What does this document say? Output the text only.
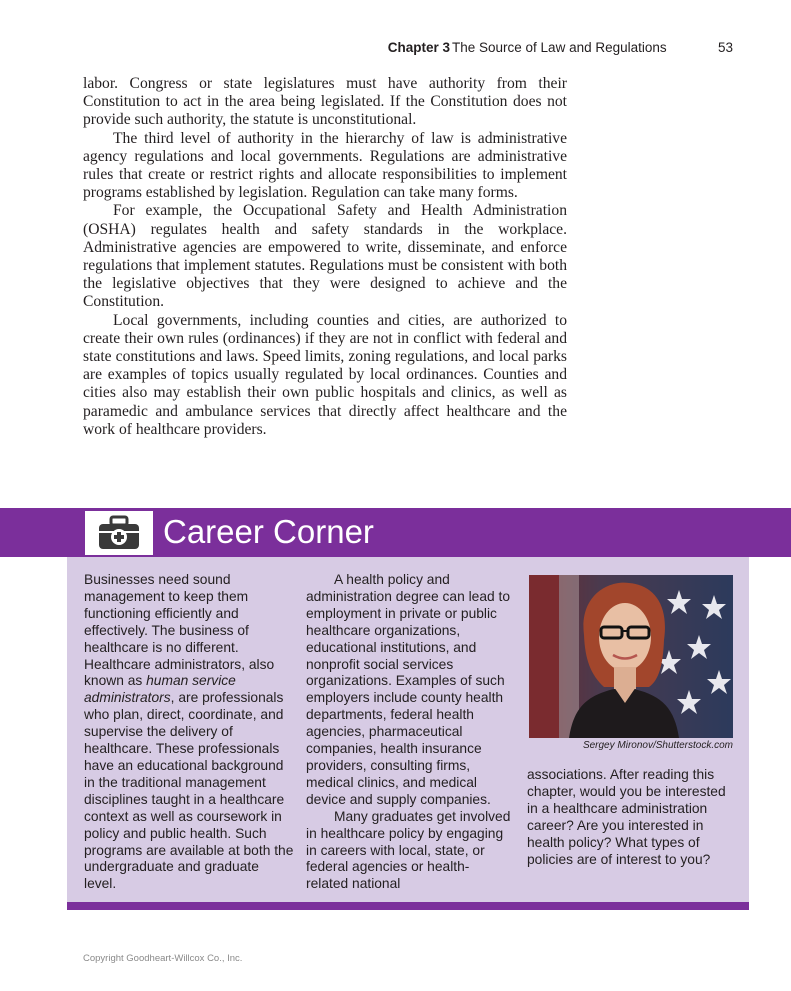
Chapter 3 The Source of Law and Regulations	53

labor. Congress or state legislatures must have authority from their Constitution to act in the area being legislated. If the Constitution does not provide such authority, the statute is unconstitutional.

The third level of authority in the hierarchy of law is administrative agency regulations and local governments. Regulations are administrative rules that create or restrict rights and allocate responsibilities to implement programs established by legislation. Regulation can take many forms.

For example, the Occupational Safety and Health Administration (OSHA) regulates health and safety standards in the workplace. Administrative agencies are empowered to write, disseminate, and enforce regulations that implement statutes. Regulations must be consistent with both the legislative objectives that they were designed to achieve and the Constitution.

Local governments, including counties and cities, are authorized to create their own rules (ordinances) if they are not in conflict with federal and state constitutions and laws. Speed limits, zoning regulations, and local parks are examples of topics usually regulated by local ordinances. Counties and cities also may establish their own public hospitals and clinics, as well as paramedic and ambulance services that directly affect healthcare and the work of healthcare providers.

Career Corner

Businesses need sound management to keep them functioning efficiently and effectively. The business of healthcare is no different. Healthcare administrators, also known as human service administrators, are professionals who plan, direct, coordinate, and supervise the delivery of healthcare. These professionals have an educational background in the traditional management disciplines taught in a healthcare context as well as coursework in policy and public health. Such programs are available at both the undergraduate and graduate level.

A health policy and administration degree can lead to employment in private or public healthcare organizations, educational institutions, and nonprofit social services organizations. Examples of such employers include county health departments, federal health agencies, pharmaceutical companies, health insurance providers, consulting firms, medical clinics, and medical device and supply companies.

Many graduates get involved in healthcare policy by engaging in careers with local, state, or federal agencies or health-related national

Sergey Mironov/Shutterstock.com

associations. After reading this chapter, would you be interested in a healthcare administration career? Are you interested in health policy? What types of policies are of interest to you?

Copyright Goodheart-Willcox Co., Inc.
